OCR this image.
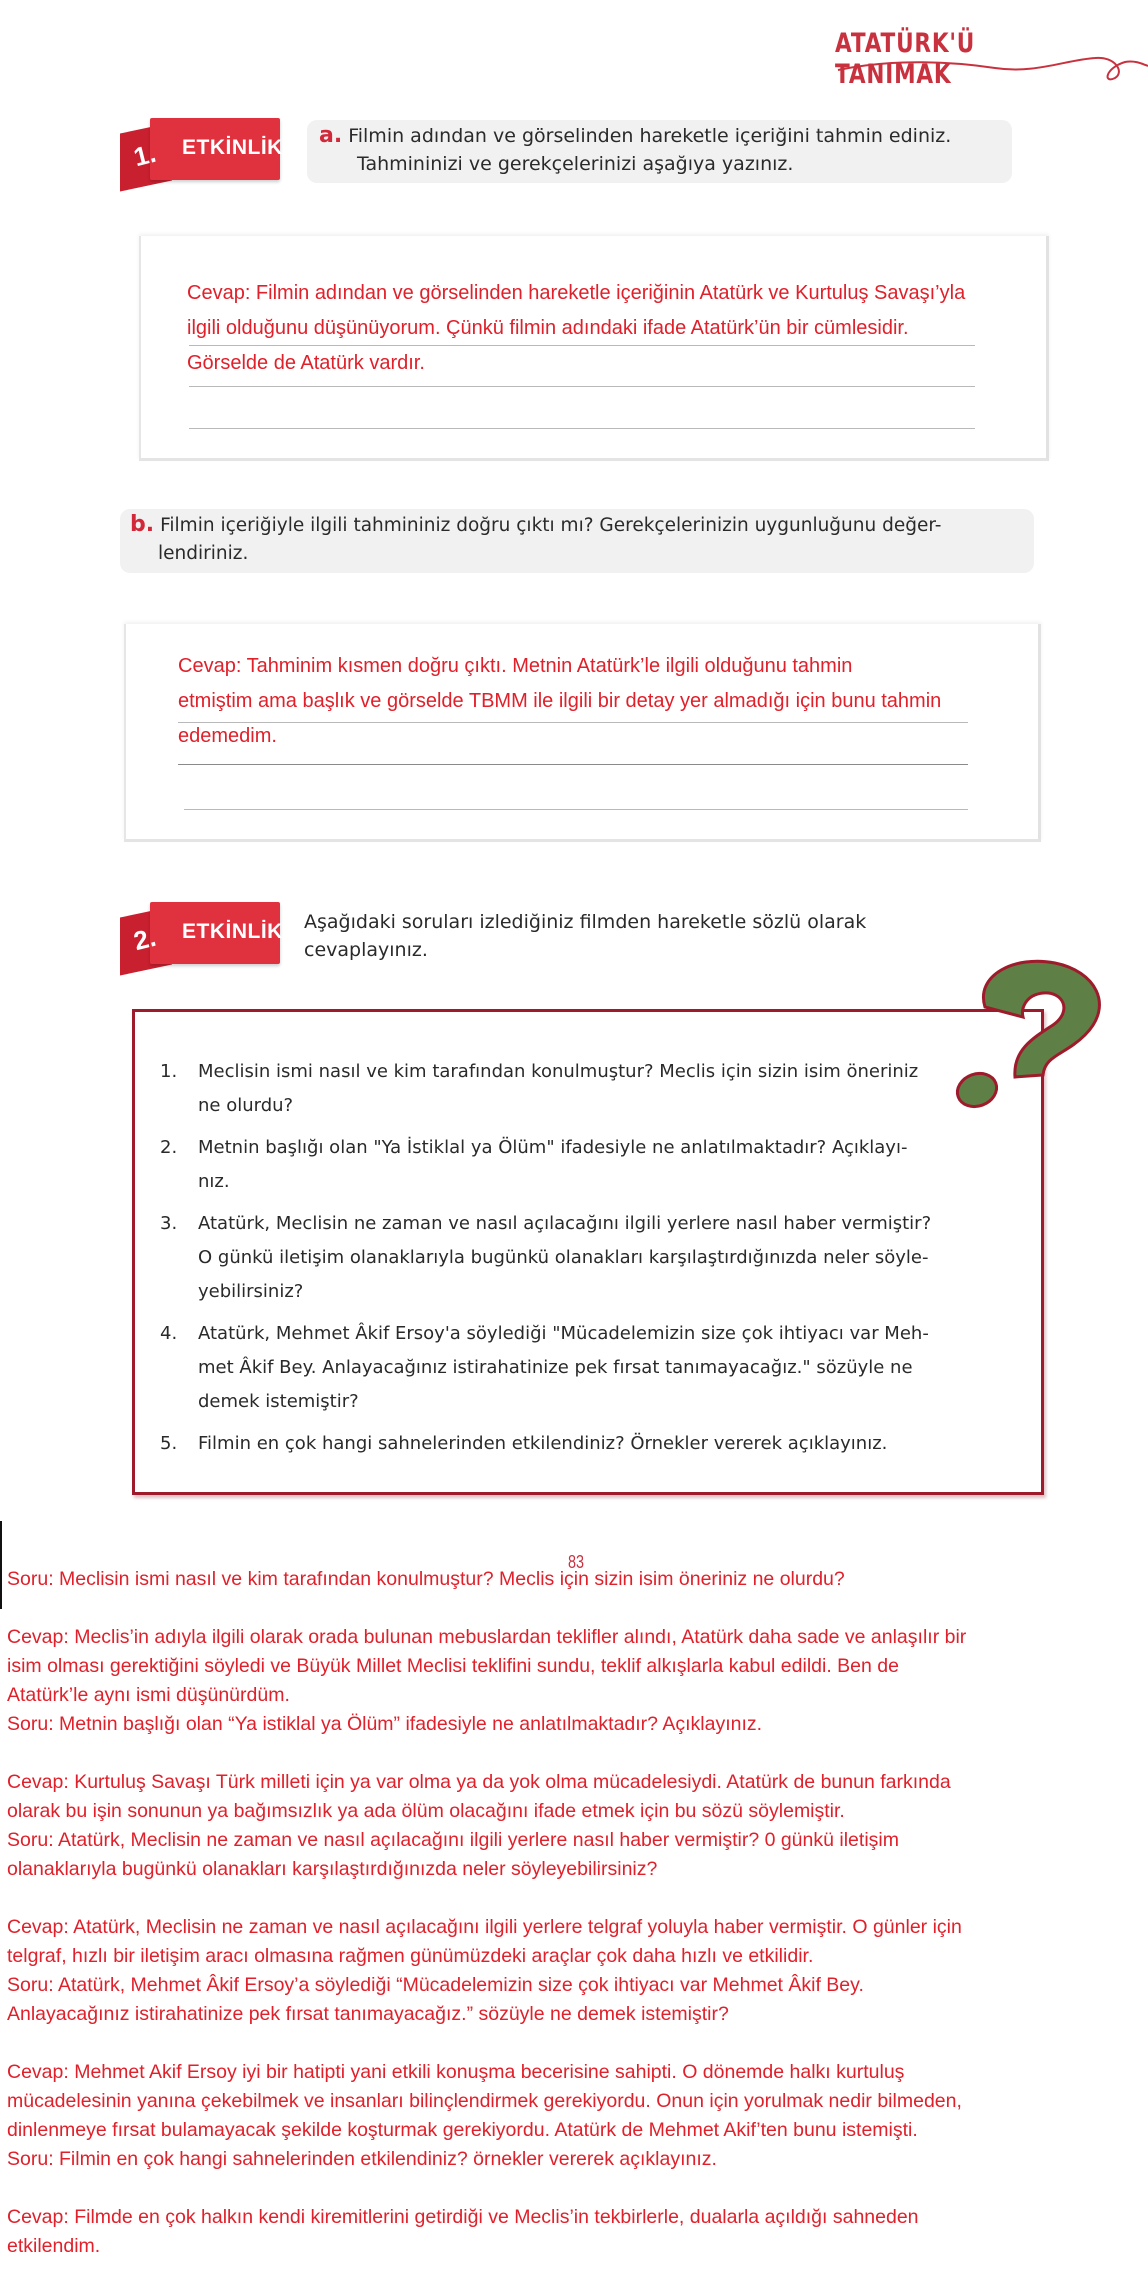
ATATÜRK'Ü TANIMAK
1. ETKİNLİK a. Filmin adından ve görselinden hareketle içeriğini tahmin ediniz.
Tahmininizi ve gerekçelerinizi aşağıya yazınız.
Cevap: Filmin adından ve görselinden hareketle içeriğinin Atatürk ve Kurtuluş Savaşı’yla
ilgili olduğunu düşünüyorum. Çünkü filmin adındaki ifade Atatürk’ün bir cümlesidir.
Görselde de Atatürk vardır.
b. Filmin içeriğiyle ilgili tahmininiz doğru çıktı mı? Gerekçelerinizin uygunluğunu değer-
lendiriniz.
Cevap: Tahminim kısmen doğru çıktı. Metnin Atatürk’le ilgili olduğunu tahmin
etmiştim ama başlık ve görselde TBMM ile ilgili bir detay yer almadığı için bunu tahmin
edemedim.
2. ETKİNLİK Aşağıdaki soruları izlediğiniz filmden hareketle sözlü olarak
cevaplayınız.
1.	Meclisin ismi nasıl ve kim tarafından konulmuştur? Meclis için sizin isim öneriniz
ne olurdu?
2.	Metnin başlığı olan "Ya İstiklal ya Ölüm" ifadesiyle ne anlatılmaktadır? Açıklayı-
nız.
3.	Atatürk, Meclisin ne zaman ve nasıl açılacağını ilgili yerlere nasıl haber vermiştir?
O günkü iletişim olanaklarıyla bugünkü olanakları karşılaştırdığınızda neler söyle-
yebilirsiniz?
4.	Atatürk, Mehmet Âkif Ersoy'a söylediği "Mücadelemizin size çok ihtiyacı var Meh-
met Âkif Bey. Anlayacağınız istirahatinize pek fırsat tanımayacağız." sözüyle ne
demek istemiştir?
5.	Filmin en çok hangi sahnelerinden etkilendiniz? Örnekler vererek açıklayınız.
83
Soru: Meclisin ismi nasıl ve kim tarafından konulmuştur? Meclis için sizin isim öneriniz ne olurdu?
Cevap: Meclis’in adıyla ilgili olarak orada bulunan mebuslardan teklifler alındı, Atatürk daha sade ve anlaşılır bir
isim olması gerektiğini söyledi ve Büyük Millet Meclisi teklifini sundu, teklif alkışlarla kabul edildi. Ben de
Atatürk’le aynı ismi düşünürdüm.
Soru: Metnin başlığı olan “Ya istiklal ya Ölüm” ifadesiyle ne anlatılmaktadır? Açıklayınız.
Cevap: Kurtuluş Savaşı Türk milleti için ya var olma ya da yok olma mücadelesiydi. Atatürk de bunun farkında
olarak bu işin sonunun ya bağımsızlık ya ada ölüm olacağını ifade etmek için bu sözü söylemiştir.
Soru: Atatürk, Meclisin ne zaman ve nasıl açılacağını ilgili yerlere nasıl haber vermiştir? 0 günkü iletişim
olanaklarıyla bugünkü olanakları karşılaştırdığınızda neler söyleyebilirsiniz?
Cevap: Atatürk, Meclisin ne zaman ve nasıl açılacağını ilgili yerlere telgraf yoluyla haber vermiştir. O günler için
telgraf, hızlı bir iletişim aracı olmasına rağmen günümüzdeki araçlar çok daha hızlı ve etkilidir.
Soru: Atatürk, Mehmet Âkif Ersoy’a söylediği “Mücadelemizin size çok ihtiyacı var Mehmet Âkif Bey.
Anlayacağınız istirahatinize pek fırsat tanımayacağız.” sözüyle ne demek istemiştir?
Cevap: Mehmet Akif Ersoy iyi bir hatipti yani etkili konuşma becerisine sahipti. O dönemde halkı kurtuluş
mücadelesinin yanına çekebilmek ve insanları bilinçlendirmek gerekiyordu. Onun için yorulmak nedir bilmeden,
dinlenmeye fırsat bulamayacak şekilde koşturmak gerekiyordu. Atatürk de Mehmet Akif’ten bunu istemişti.
Soru: Filmin en çok hangi sahnelerinden etkilendiniz? örnekler vererek açıklayınız.
Cevap: Filmde en çok halkın kendi kiremitlerini getirdiği ve Meclis’in tekbirlerle, dualarla açıldığı sahneden
etkilendim.
